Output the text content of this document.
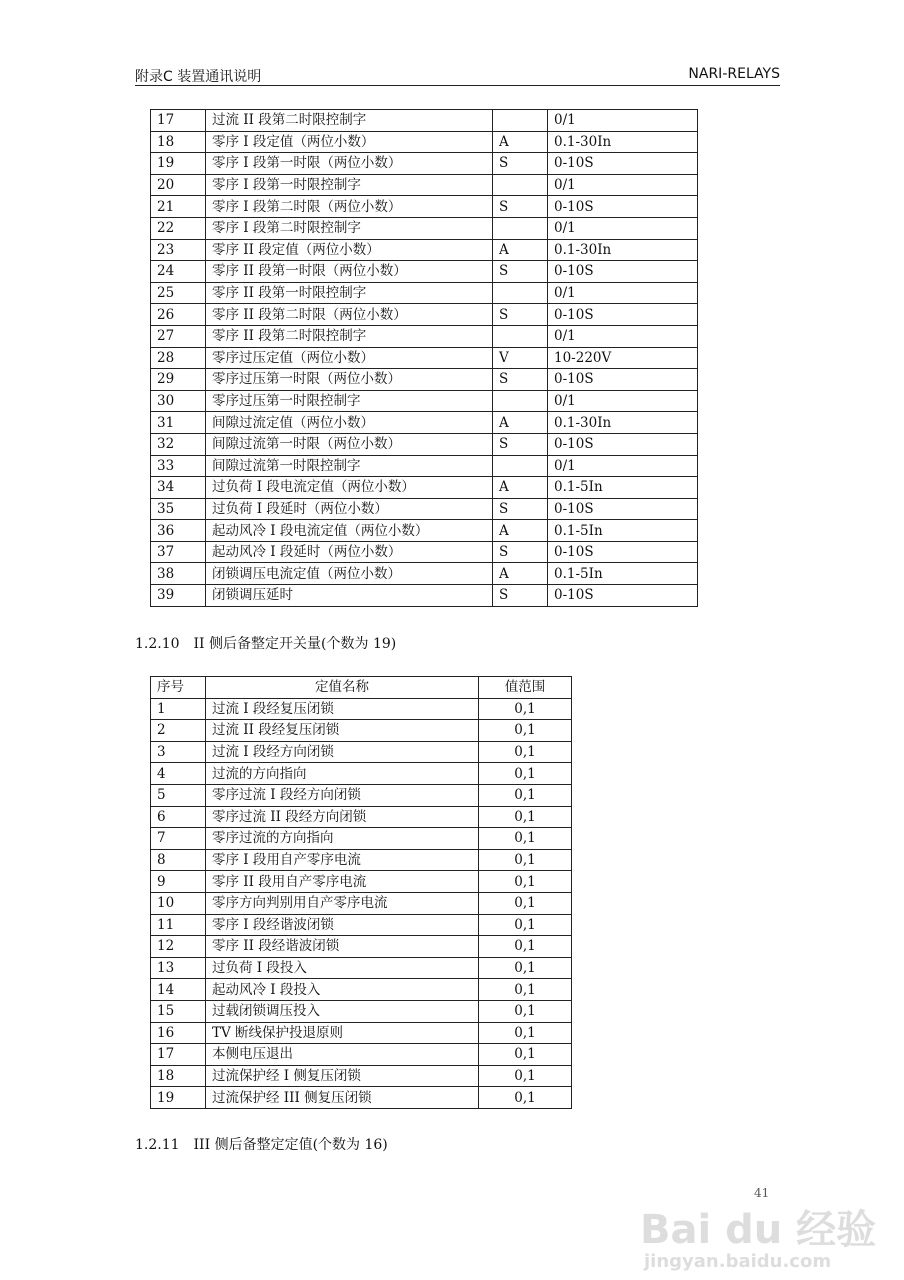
附录C 装置通讯说明	NARI-RELAYS
17	过流 II 段第二时限控制字		0/1
18	零序 I 段定值（两位小数）	A	0.1-30In
19	零序 I 段第一时限（两位小数）	S	0-10S
20	零序 I 段第一时限控制字		0/1
21	零序 I 段第二时限（两位小数）	S	0-10S
22	零序 I 段第二时限控制字		0/1
23	零序 II 段定值（两位小数）	A	0.1-30In
24	零序 II 段第一时限（两位小数）	S	0-10S
25	零序 II 段第一时限控制字		0/1
26	零序 II 段第二时限（两位小数）	S	0-10S
27	零序 II 段第二时限控制字		0/1
28	零序过压定值（两位小数）	V	10-220V
29	零序过压第一时限（两位小数）	S	0-10S
30	零序过压第一时限控制字		0/1
31	间隙过流定值（两位小数）	A	0.1-30In
32	间隙过流第一时限（两位小数）	S	0-10S
33	间隙过流第一时限控制字		0/1
34	过负荷 I 段电流定值（两位小数）	A	0.1-5In
35	过负荷 I 段延时（两位小数）	S	0-10S
36	起动风冷 I 段电流定值（两位小数）	A	0.1-5In
37	起动风冷 I 段延时（两位小数）	S	0-10S
38	闭锁调压电流定值（两位小数）	A	0.1-5In
39	闭锁调压延时	S	0-10S
1.2.10　II 侧后备整定开关量(个数为 19)
序号	定值名称	值范围
1	过流 I 段经复压闭锁	0,1
2	过流 II 段经复压闭锁	0,1
3	过流 I 段经方向闭锁	0,1
4	过流的方向指向	0,1
5	零序过流 I 段经方向闭锁	0,1
6	零序过流 II 段经方向闭锁	0,1
7	零序过流的方向指向	0,1
8	零序 I 段用自产零序电流	0,1
9	零序 II 段用自产零序电流	0,1
10	零序方向判别用自产零序电流	0,1
11	零序 I 段经谐波闭锁	0,1
12	零序 II 段经谐波闭锁	0,1
13	过负荷 I 段投入	0,1
14	起动风冷 I 段投入	0,1
15	过载闭锁调压投入	0,1
16	TV 断线保护投退原则	0,1
17	本侧电压退出	0,1
18	过流保护经 I 侧复压闭锁	0,1
19	过流保护经 III 侧复压闭锁	0,1
1.2.11　III 侧后备整定定值(个数为 16)
41
Bai du 经验
jingyan.baidu.com
